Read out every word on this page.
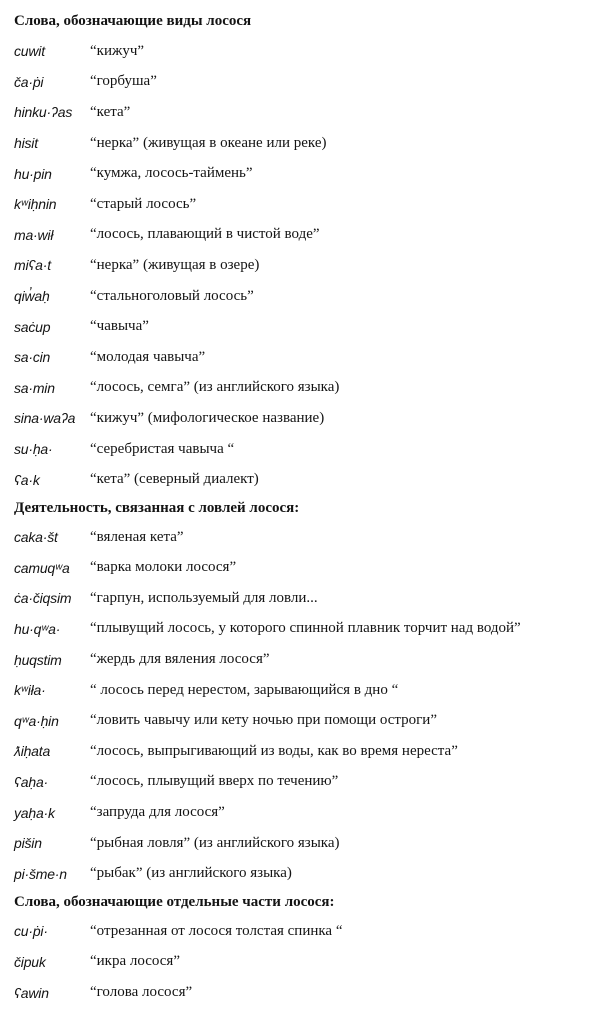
Слова, обозначающие виды лосося
cuwit	“кижуч”
ča·ṗi	“горбуша”
hinku·ʔas	“кета”
hisit	“нерка” (живущая в океане или реке)
hu·pin	“кумжа, лосось-таймень”
kʷiḥnin	“старый лосось”
ma·wił	“лосось, плавающий в чистой воде”
miʕa·t	“нерка” (живущая в озере)
qiw̓aḥ	“стальноголовый лосось”
saċup	“чавыча”
sa·cin	“молодая чавыча”
sa·min	“лосось, семга” (из английского языка)
sina·waʔa “кижуч” (мифологическое название)
su·ḥa·	“серебристая чавыча “
ʕa·k	“кета” (северный диалект)
Деятельность, связанная с ловлей лосося:
caka·št	“вяленая кета”
camuqʷa	“варка молоки лосося”
ċa·čiqsim	“гарпун, используемый для ловли...
hu·qʷa·	“плывущий лосось, у которого спинной плавник торчит над водой”
ḥuqstim	“жердь для вяления лосося”
kʷiła·	“ лосось перед нерестом, зарывающийся в дно “
qʷa·ḥin	“ловить чавычу или кету ночью при помощи остроги”
ƛiḥata	“лосось, выпрыгивающий из воды, как во время нереста”
ʕaḥa·	“лосось, плывущий вверх по течению”
yaḥa·k	“запруда для лосося”
pišin	“рыбная ловля” (из английского языка)
pi·šme·n	“рыбак” (из английского языка)
Слова, обозначающие отдельные части лосося:
cu·ṗi·	“отрезанная от лосося толстая спинка “
čipuk	“икра лосося”
ʕawin	“голова лосося”
